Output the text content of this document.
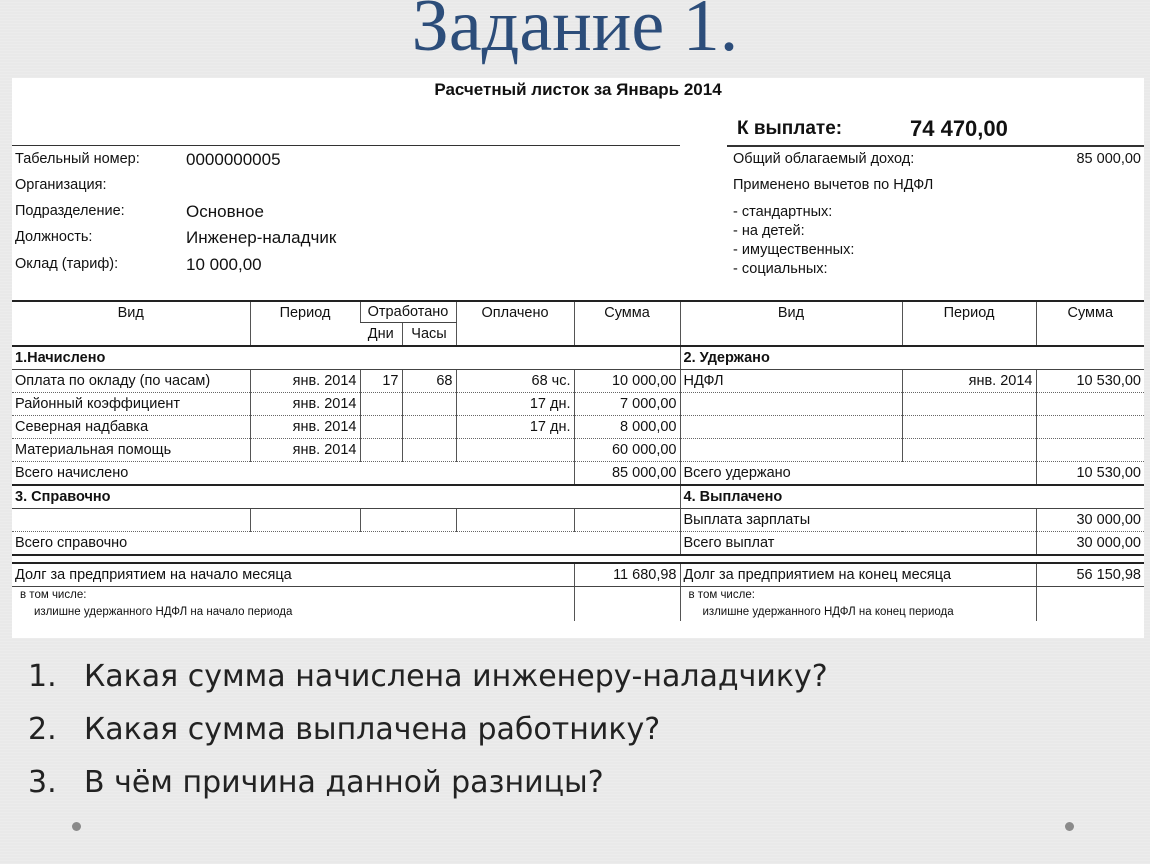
Задание 1.
Расчетный листок за Январь 2014
К выплате:	74 470,00
Табельный номер:	0000000005
Организация:
Подразделение:	Основное
Должность:	Инженер-наладчик
Оклад (тариф):	10 000,00
Общий облагаемый доход:	85 000,00
Применено вычетов по НДФЛ
- стандартных:
- на детей:
- имущественных:
- социальных:
Вид	Период	Отработано		Оплачено	Сумма	Вид	Период	Сумма
		Дни	Часы					
1.Начислено						2. Удержано		
Оплата по окладу (по часам)	янв. 2014	17	68	68 чс.	10 000,00	НДФЛ	янв. 2014	10 530,00
Районный коэффициент	янв. 2014			17 дн.	7 000,00			
Северная надбавка	янв. 2014			17 дн.	8 000,00			
Материальная помощь	янв. 2014				60 000,00			
Всего начислено					85 000,00	Всего удержано		10 530,00
3. Справочно						4. Выплачено		
						Выплата зарплаты		30 000,00
Всего справочно						Всего выплат		30 000,00

Долг за предприятием на начало месяца					11 680,98	Долг за предприятием на конец месяца		56 150,98
в том числе:						в том числе:		
излишне удержанного НДФЛ на начало периода						излишне удержанного НДФЛ на конец периода		
1. Какая сумма начислена инженеру-наладчику?
2. Какая сумма выплачена работнику?
3. В чём причина данной разницы?
